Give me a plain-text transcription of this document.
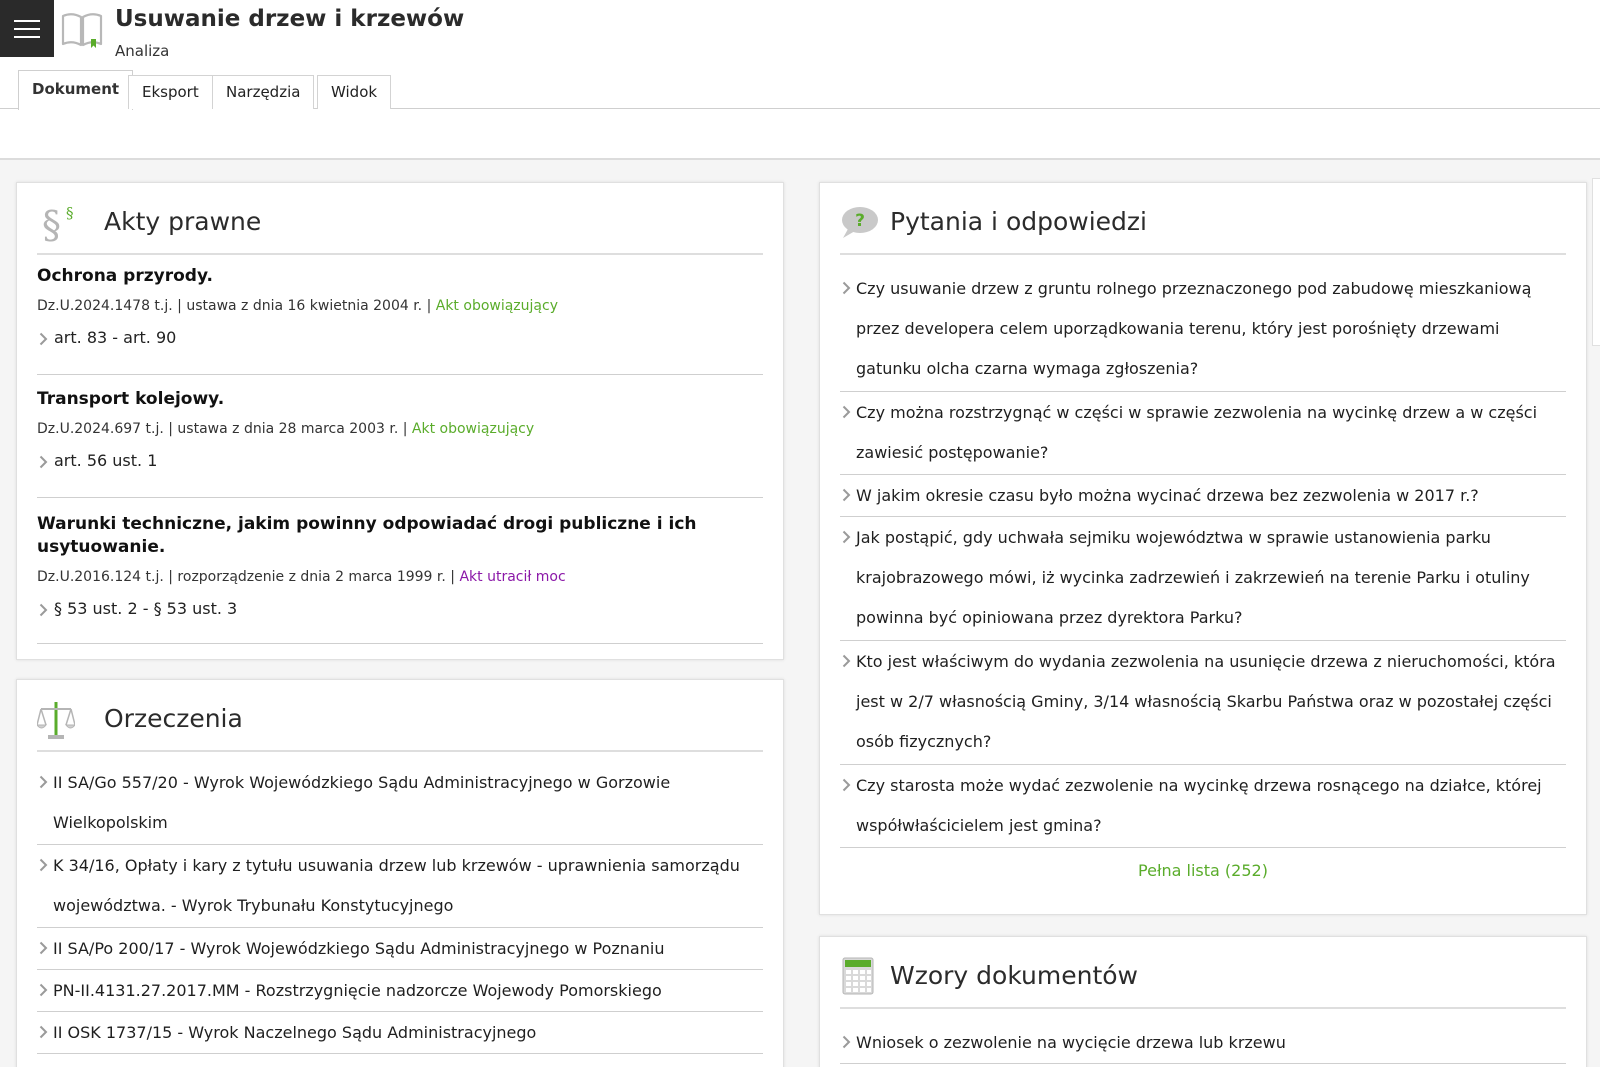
Usuwanie drzew i krzewów
Analiza
Dokument	Eksport	Narzędzia	Widok
§ § Akty prawne
Ochrona przyrody.
Dz.U.2024.1478 t.j. | ustawa z dnia 16 kwietnia 2004 r. | Akt obowiązujący
art. 83 - art. 90
Transport kolejowy.
Dz.U.2024.697 t.j. | ustawa z dnia 28 marca 2003 r. | Akt obowiązujący
art. 56 ust. 1
Warunki techniczne, jakim powinny odpowiadać drogi publiczne i ich usytuowanie.
Dz.U.2016.124 t.j. | rozporządzenie z dnia 2 marca 1999 r. | Akt utracił moc
§ 53 ust. 2 - § 53 ust. 3
Orzeczenia
II SA/Go 557/20 - Wyrok Wojewódzkiego Sądu Administracyjnego w Gorzowie Wielkopolskim
K 34/16, Opłaty i kary z tytułu usuwania drzew lub krzewów - uprawnienia samorządu województwa. - Wyrok Trybunału Konstytucyjnego
II SA/Po 200/17 - Wyrok Wojewódzkiego Sądu Administracyjnego w Poznaniu
PN-II.4131.27.2017.MM - Rozstrzygnięcie nadzorcze Wojewody Pomorskiego
II OSK 1737/15 - Wyrok Naczelnego Sądu Administracyjnego
? Pytania i odpowiedzi
Czy usuwanie drzew z gruntu rolnego przeznaczonego pod zabudowę mieszkaniową przez developera celem uporządkowania terenu, który jest porośnięty drzewami gatunku olcha czarna wymaga zgłoszenia?
Czy można rozstrzygnąć w części w sprawie zezwolenia na wycinkę drzew a w części zawiesić postępowanie?
W jakim okresie czasu było można wycinać drzewa bez zezwolenia w 2017 r.?
Jak postąpić, gdy uchwała sejmiku województwa w sprawie ustanowienia parku krajobrazowego mówi, iż wycinka zadrzewień i zakrzewień na terenie Parku i otuliny powinna być opiniowana przez dyrektora Parku?
Kto jest właściwym do wydania zezwolenia na usunięcie drzewa z nieruchomości, która jest w 2/7 własnością Gminy, 3/14 własnością Skarbu Państwa oraz w pozostałej części osób fizycznych?
Czy starosta może wydać zezwolenie na wycinkę drzewa rosnącego na działce, której współwłaścicielem jest gmina?
Pełna lista (252)
Wzory dokumentów
Wniosek o zezwolenie na wycięcie drzewa lub krzewu
